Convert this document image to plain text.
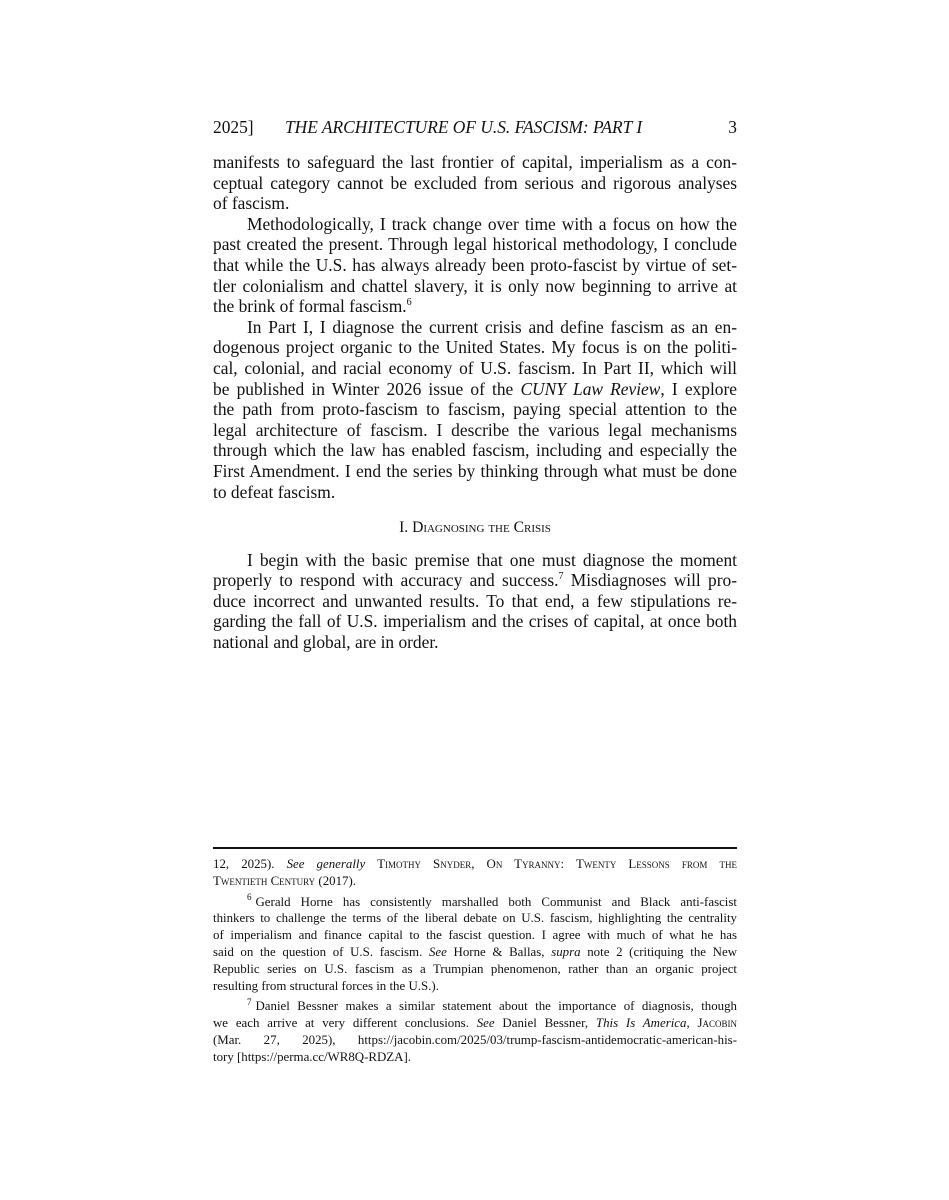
2025] THE ARCHITECTURE OF U.S. FASCISM: PART I	3

manifests to safeguard the last frontier of capital, imperialism as a con-
ceptual category cannot be excluded from serious and rigorous analyses
of fascism.

Methodologically, I track change over time with a focus on how the
past created the present. Through legal historical methodology, I conclude
that while the U.S. has always already been proto-fascist by virtue of set-
tler colonialism and chattel slavery, it is only now beginning to arrive at
the brink of formal fascism.$^6$

In Part I, I diagnose the current crisis and define fascism as an en-
dogenous project organic to the United States. My focus is on the politi-
cal, colonial, and racial economy of U.S. fascism. In Part II, which will
be published in Winter 2026 issue of the CUNY Law Review, I explore
the path from proto-fascism to fascism, paying special attention to the
legal architecture of fascism. I describe the various legal mechanisms
through which the law has enabled fascism, including and especially the
First Amendment. I end the series by thinking through what must be done
to defeat fascism.

I. Diagnosing the Crisis

I begin with the basic premise that one must diagnose the moment
properly to respond with accuracy and success.$^7$ Misdiagnoses will pro-
duce incorrect and unwanted results. To that end, a few stipulations re-
garding the fall of U.S. imperialism and the crises of capital, at once both
national and global, are in order.

12, 2025). See generally Timothy Snyder, On Tyranny: Twenty Lessons from the
Twentieth Century (2017).
$^6$ Gerald Horne has consistently marshalled both Communist and Black anti-fascist
thinkers to challenge the terms of the liberal debate on U.S. fascism, highlighting the centrality
of imperialism and finance capital to the fascist question. I agree with much of what he has
said on the question of U.S. fascism. See Horne & Ballas, supra note 2 (critiquing the New
Republic series on U.S. fascism as a Trumpian phenomenon, rather than an organic project
resulting from structural forces in the U.S.).
$^7$ Daniel Bessner makes a similar statement about the importance of diagnosis, though
we each arrive at very different conclusions. See Daniel Bessner, This Is America, Jacobin
(Mar. 27, 2025), https://jacobin.com/2025/03/trump-fascism-antidemocratic-american-his-
tory [https://perma.cc/WR8Q-RDZA].
